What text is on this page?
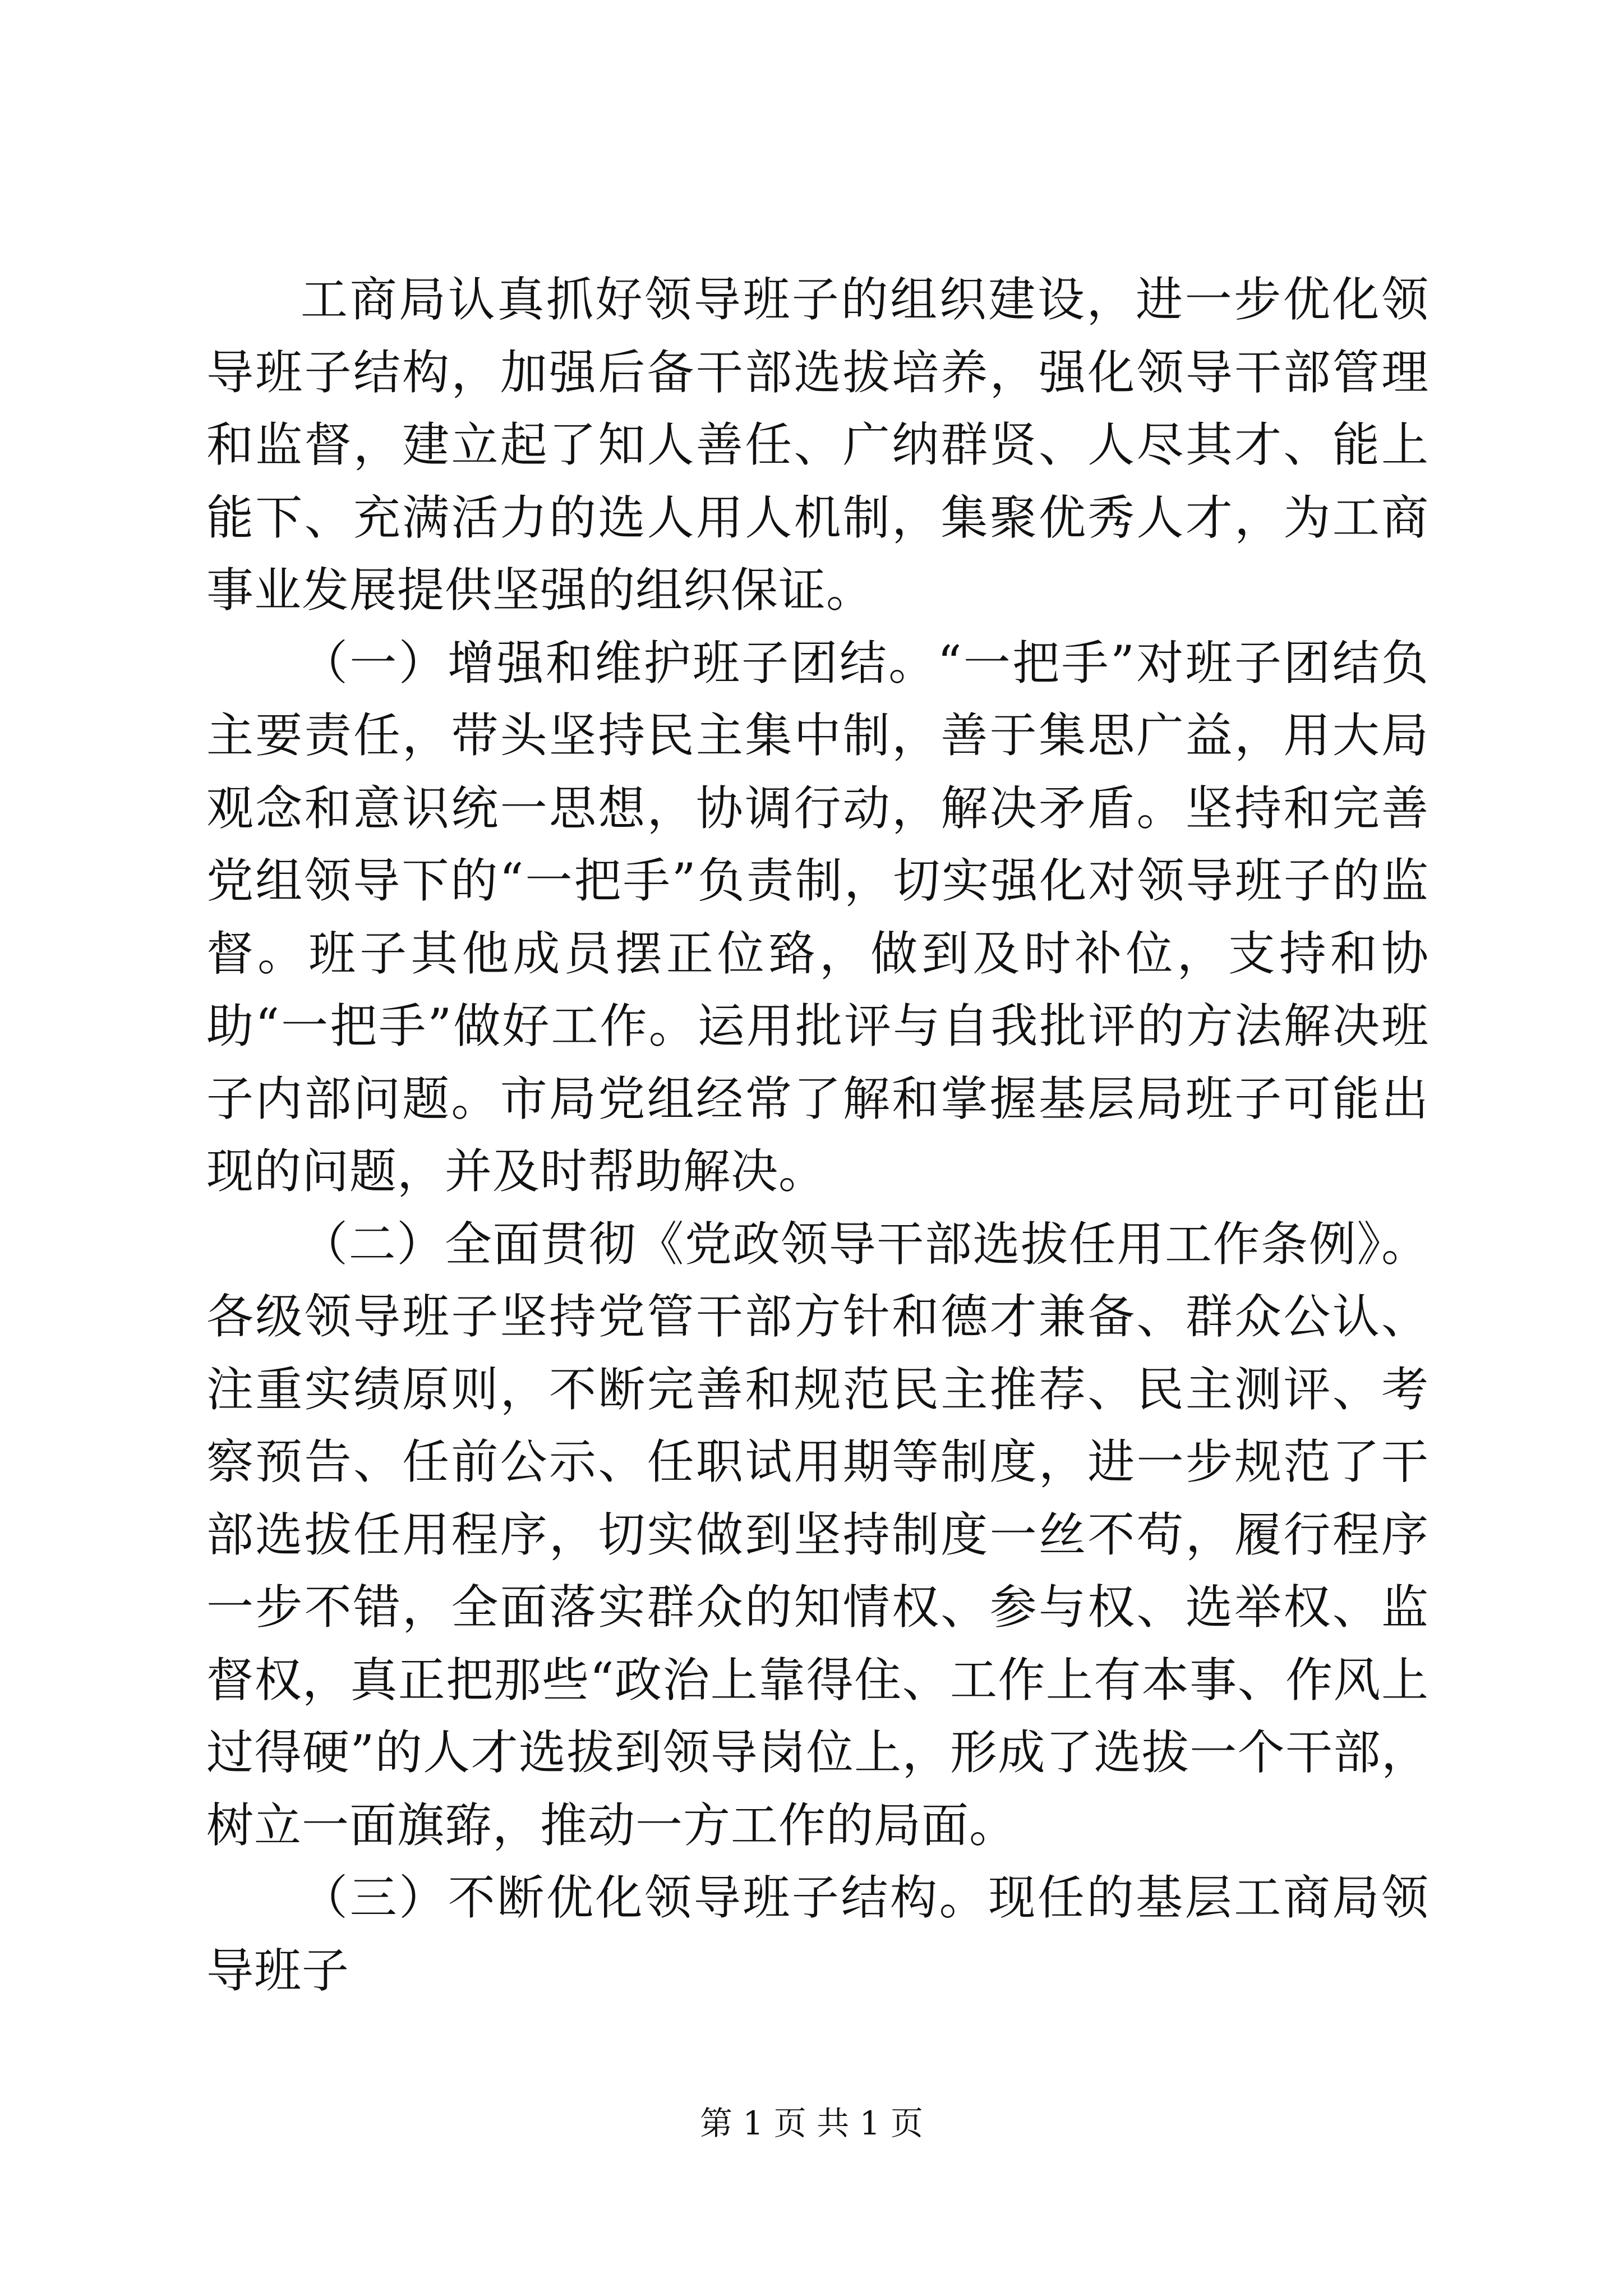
工商局认真抓好领导班子的组织建设，进一步优化领导班子结构，加强后备干部选拔培养，强化领导干部管理和监督，建立起了知人善任、广纳群贤、人尽其才、能上能下、充满活力的选人用人机制，集聚优秀人才，为工商事业发展提供坚强的组织保证。

（一）增强和维护班子团结。“一把手”对班子团结负主要责任，带头坚持民主集中制，善于集思广益，用大局观念和意识统一思想，协调行动，解决矛盾。坚持和完善党组领导下的“一把手”负责制，切实强化对领导班子的监督。班子其他成员摆正位臵，做到及时补位，支持和协助“一把手”做好工作。运用批评与自我批评的方法解决班子内部问题。市局党组经常了解和掌握基层局班子可能出现的问题，并及时帮助解决。

（二）全面贯彻《党政领导干部选拔任用工作条例》。各级领导班子坚持党管干部方针和德才兼备、群众公认、注重实绩原则，不断完善和规范民主推荐、民主测评、考察预告、任前公示、任职试用期等制度，进一步规范了干部选拔任用程序，切实做到坚持制度一丝不苟，履行程序一步不错，全面落实群众的知情权、参与权、选举权、监督权，真正把那些“政治上靠得住、工作上有本事、作风上过得硬”的人才选拔到领导岗位上，形成了选拔一个干部，树立一面旗臶，推动一方工作的局面。

（三）不断优化领导班子结构。现任的基层工商局领导班子

第 1 页 共 1 页
